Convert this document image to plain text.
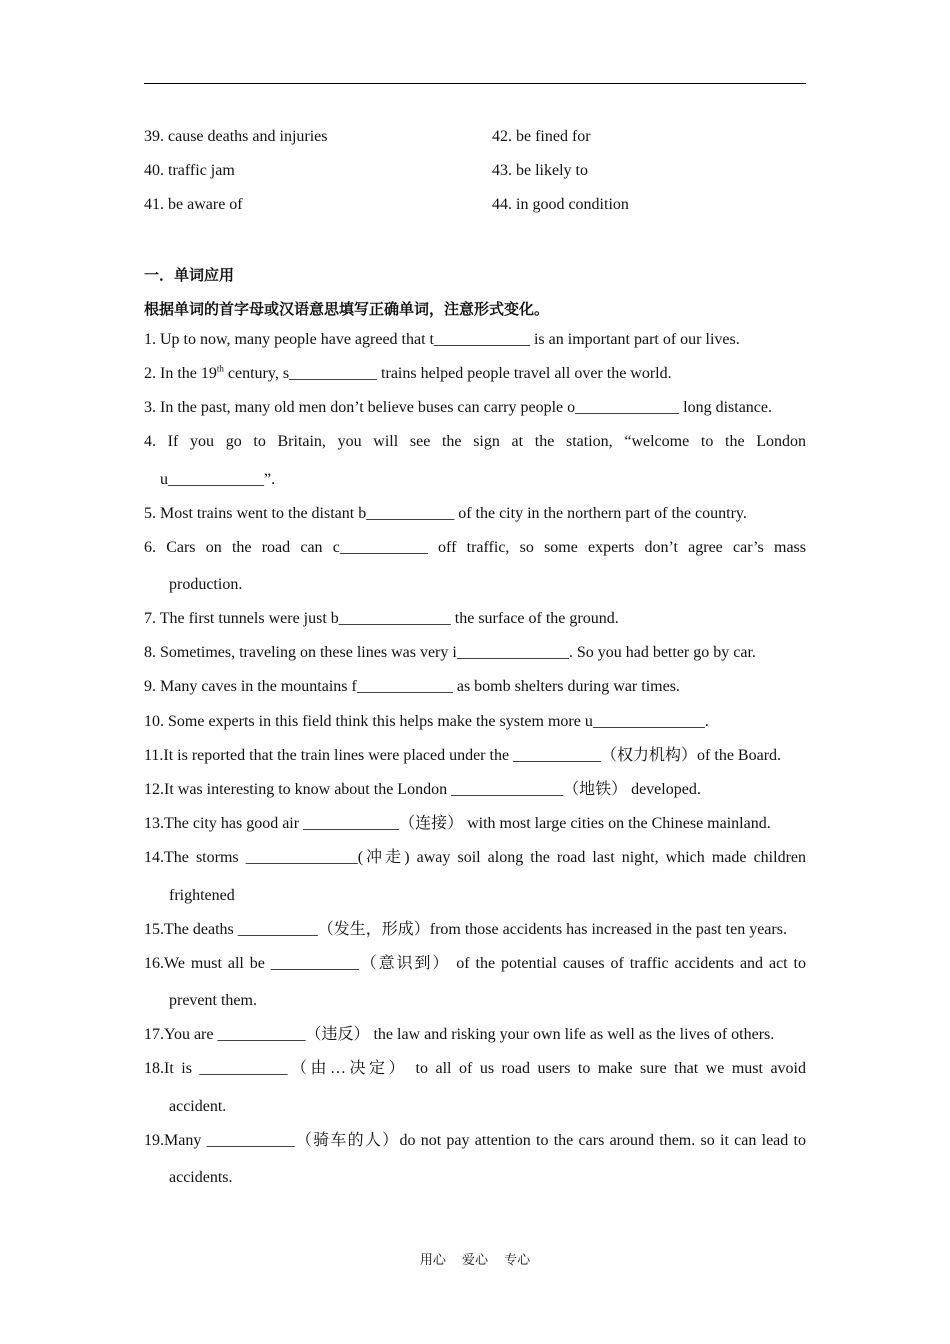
39. cause deaths and injuries
40. traffic jam
41. be aware of
42. be fined for
43. be likely to
44. in good condition
一．单词应用
根据单词的首字母或汉语意思填写正确单词，注意形式变化。
1. Up to now, many people have agreed that t____________ is an important part of our lives.
2. In the 19th century, s___________ trains helped people travel all over the world.
3. In the past, many old men don’t believe buses can carry people o_____________ long distance.
4. If you go to Britain, you will see the sign at the station, “welcome to the London
u____________”.
5. Most trains went to the distant b___________ of the city in the northern part of the country.
6. Cars on the road can c___________ off traffic, so some experts don’t agree car’s mass
production.
7. The first tunnels were just b______________ the surface of the ground.
8. Sometimes, traveling on these lines was very i______________. So you had better go by car.
9. Many caves in the mountains f____________ as bomb shelters during war times.
10. Some experts in this field think this helps make the system more u______________.
11.It is reported that the train lines were placed under the ___________（权力机构）of the Board.
12.It was interesting to know about the London ______________（地铁） developed.
13.The city has good air ____________（连接） with most large cities on the Chinese mainland.
14.The storms ______________(冲走) away soil along the road last night, which made children
frightened
15.The deaths __________（发生，形成）from those accidents has increased in the past ten years.
16.We must all be ___________（意识到） of the potential causes of traffic accidents and act to
prevent them.
17.You are ___________（违反） the law and risking your own life as well as the lives of others.
18.It is ___________（由…决定） to all of us road users to make sure that we must avoid
accident.
19.Many ___________（骑车的人）do not pay attention to the cars around them. so it can lead to
accidents.
用心 爱心 专心
